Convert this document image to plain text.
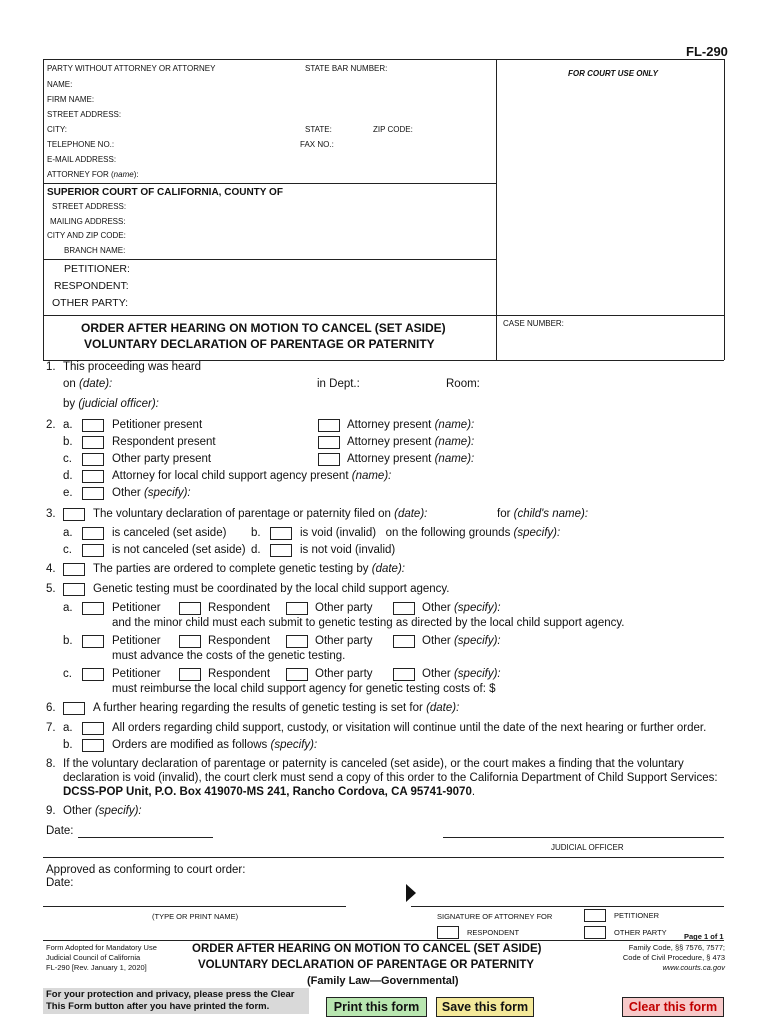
FL-290
FOR COURT USE ONLY
PARTY WITHOUT ATTORNEY OR ATTORNEY	STATE BAR NUMBER:
NAME:
FIRM NAME:
STREET ADDRESS:
CITY:	STATE:	ZIP CODE:
TELEPHONE NO.:	FAX NO.:
E-MAIL ADDRESS:
ATTORNEY FOR (name):
SUPERIOR COURT OF CALIFORNIA, COUNTY OF
STREET ADDRESS:
MAILING ADDRESS:
CITY AND ZIP CODE:
BRANCH NAME:
PETITIONER:
RESPONDENT:
OTHER PARTY:
ORDER AFTER HEARING ON MOTION TO CANCEL (SET ASIDE)
VOLUNTARY DECLARATION OF PARENTAGE OR PATERNITY
CASE NUMBER:
1. This proceeding was heard
on (date):	in Dept.:	Room:
by (judicial officer):
2. a.	Petitioner present	Attorney present (name):
b.	Respondent present	Attorney present (name):
c.	Other party present	Attorney present (name):
d.	Attorney for local child support agency present (name):
e.	Other (specify):
3.	The voluntary declaration of parentage or paternity filed on (date):	for (child's name):
a.	is canceled (set aside) b.	is void (invalid) on the following grounds (specify):
c.	is not canceled (set aside) d.	is not void (invalid)
4.	The parties are ordered to complete genetic testing by (date):
5.	Genetic testing must be coordinated by the local child support agency.
a.	Petitioner	Respondent	Other party	Other (specify):
and the minor child must each submit to genetic testing as directed by the local child support agency.
b.	Petitioner	Respondent	Other party	Other (specify):
must advance the costs of the genetic testing.
c.	Petitioner	Respondent	Other party	Other (specify):
must reimburse the local child support agency for genetic testing costs of: $
6.	A further hearing regarding the results of genetic testing is set for (date):
7. a.	All orders regarding child support, custody, or visitation will continue until the date of the next hearing or further order.
b.	Orders are modified as follows (specify):
8. If the voluntary declaration of parentage or paternity is canceled (set aside), or the court makes a finding that the voluntary
declaration is void (invalid), the court clerk must send a copy of this order to the California Department of Child Support Services:
DCSS-POP Unit, P.O. Box 419070-MS 241, Rancho Cordova, CA 95741-9070.
9. Other (specify):
Date:
JUDICIAL OFFICER
Approved as conforming to court order:
Date:
(TYPE OR PRINT NAME)	SIGNATURE OF ATTORNEY FOR	PETITIONER
RESPONDENT	OTHER PARTY Page 1 of 1
Form Adopted for Mandatory Use
Judicial Council of California
FL-290 [Rev. January 1, 2020]
ORDER AFTER HEARING ON MOTION TO CANCEL (SET ASIDE)
VOLUNTARY DECLARATION OF PARENTAGE OR PATERNITY
(Family Law—Governmental)
Family Code, §§ 7576, 7577;
Code of Civil Procedure, § 473
www.courts.ca.gov
For your protection and privacy, please press the Clear
This Form button after you have printed the form.	Print this form	Save this form	Clear this form
